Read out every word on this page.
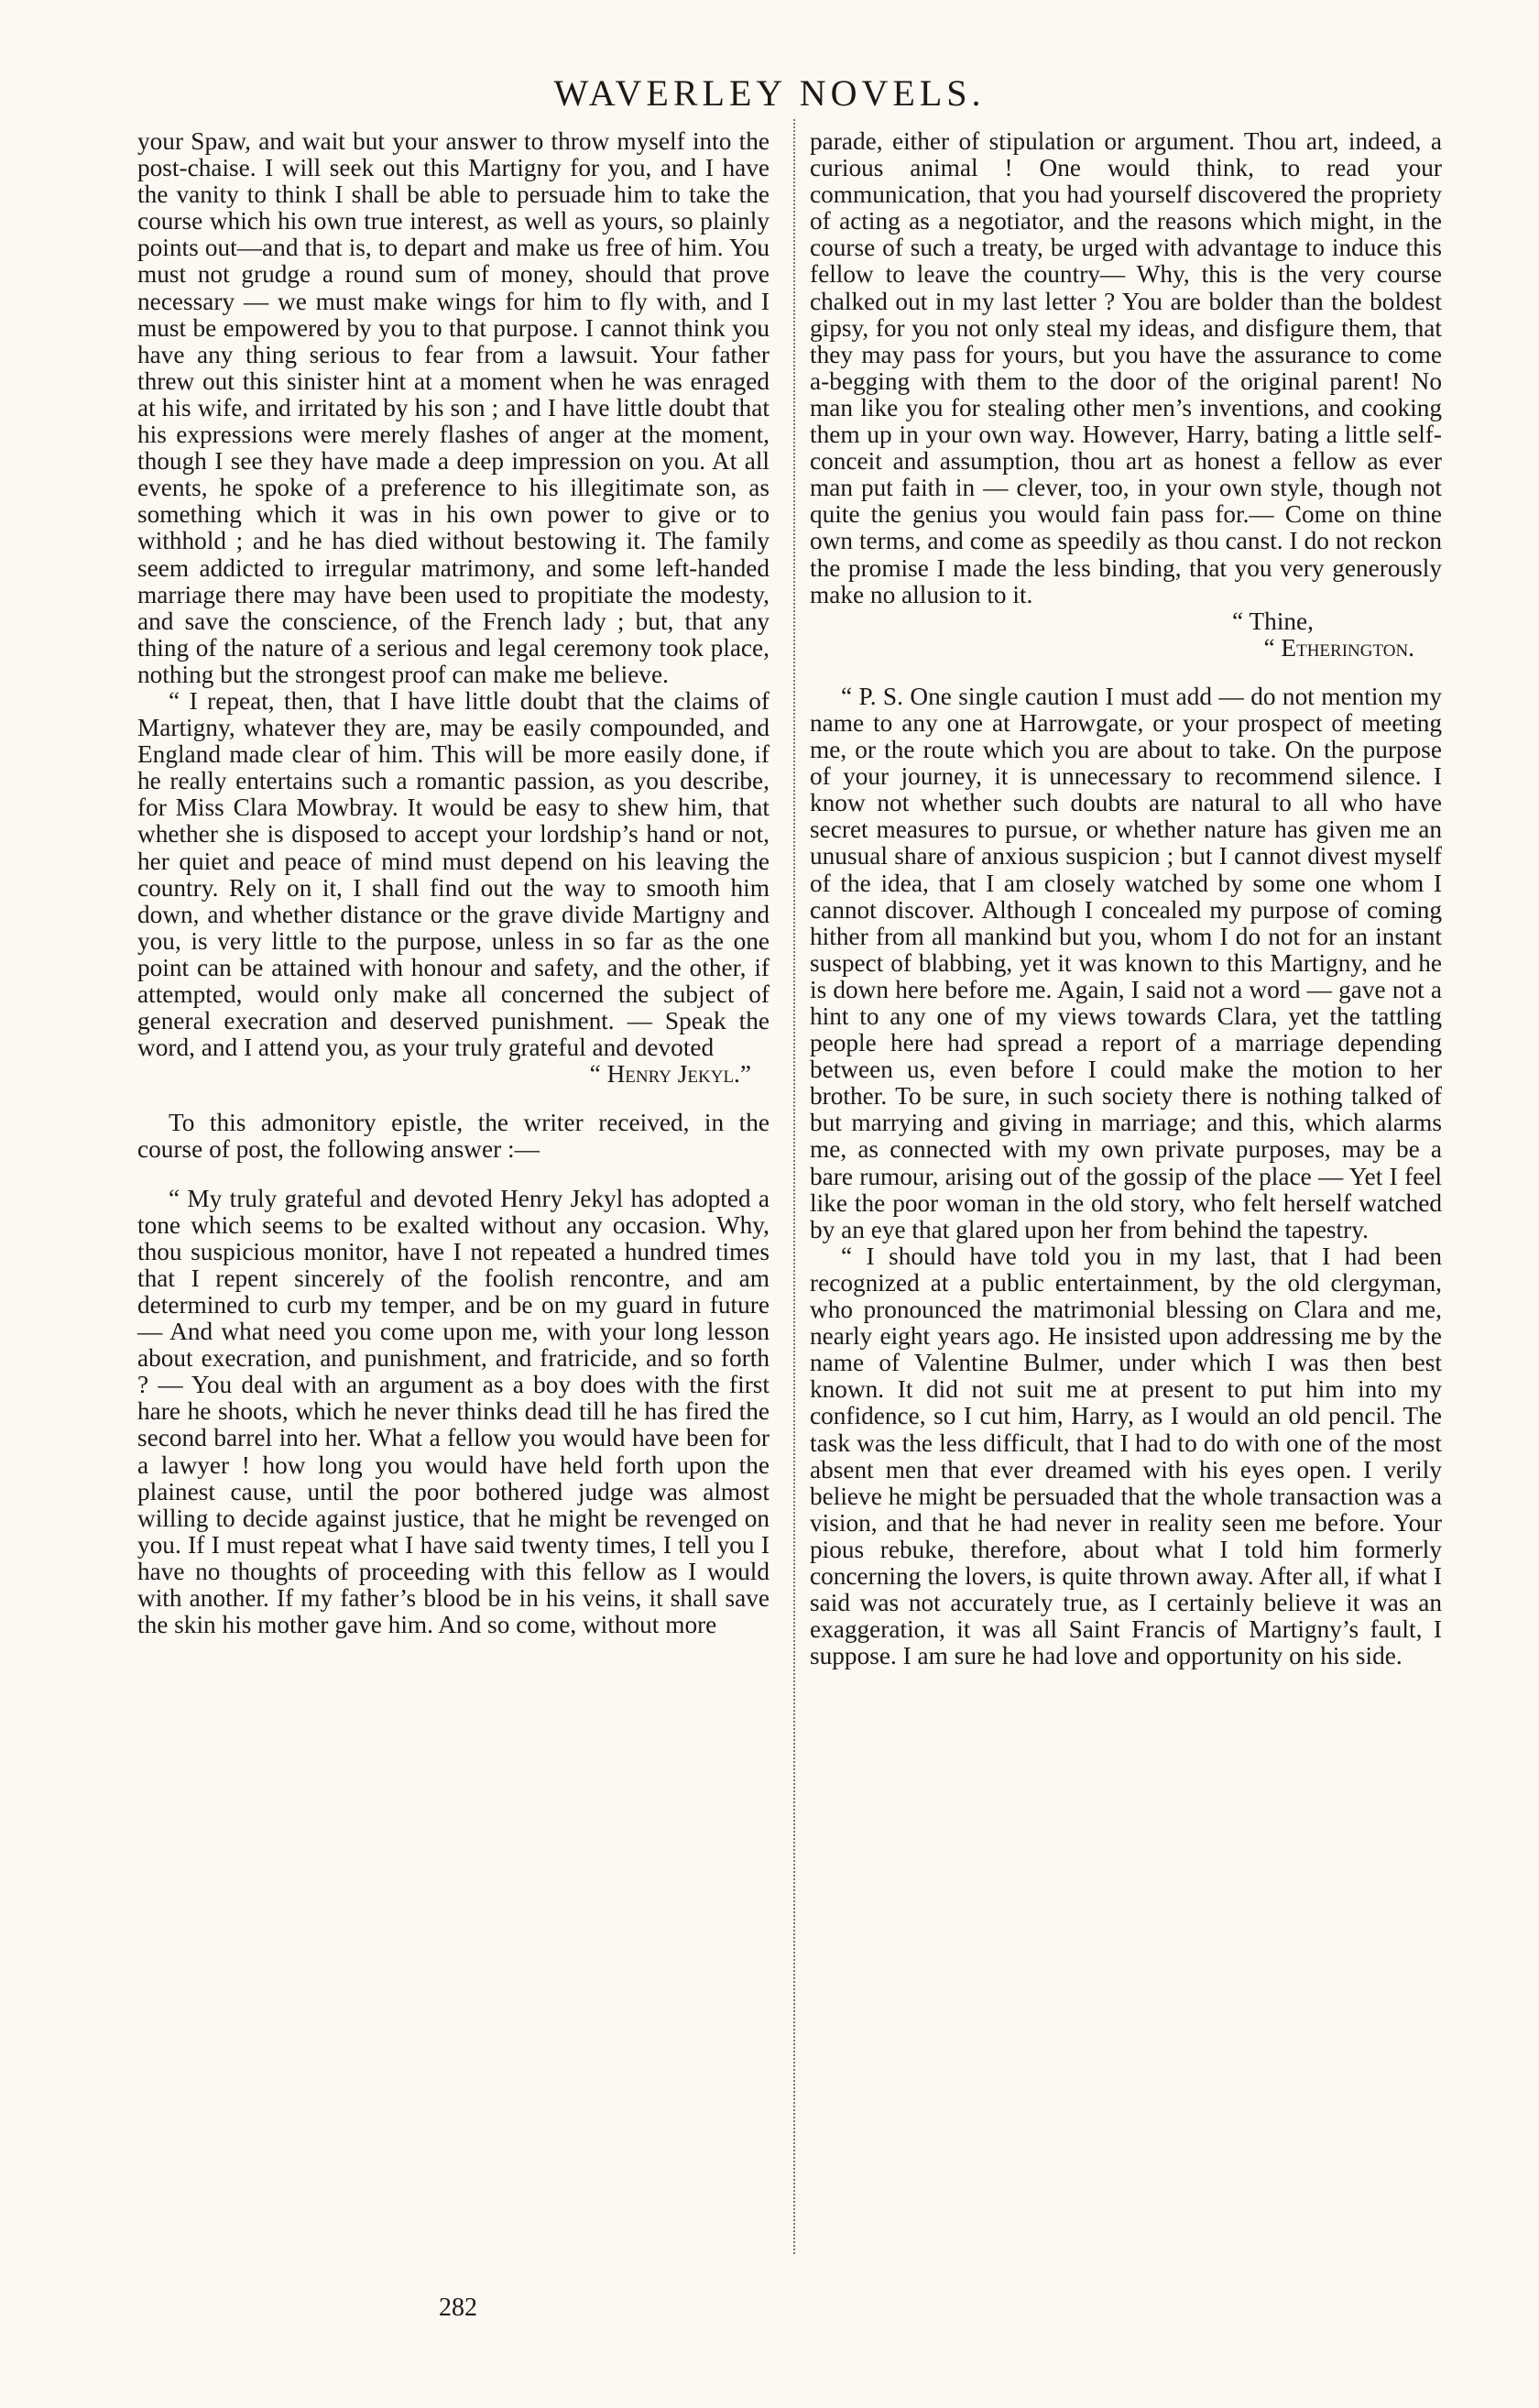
WAVERLEY NOVELS.

your Spaw, and wait but your answer to throw myself into the post-chaise. I will seek out this Martigny for you, and I have the vanity to think I shall be able to persuade him to take the course which his own true interest, as well as yours, so plainly points out—and that is, to depart and make us free of him. You must not grudge a round sum of money, should that prove necessary — we must make wings for him to fly with, and I must be empowered by you to that purpose. I cannot think you have any thing serious to fear from a lawsuit. Your father threw out this sinister hint at a moment when he was enraged at his wife, and irritated by his son ; and I have little doubt that his expressions were merely flashes of anger at the moment, though I see they have made a deep impression on you. At all events, he spoke of a preference to his illegitimate son, as something which it was in his own power to give or to withhold ; and he has died without bestowing it. The family seem addicted to irregular matrimony, and some left-handed marriage there may have been used to propitiate the modesty, and save the conscience, of the French lady ; but, that any thing of the nature of a serious and legal ceremony took place, nothing but the strongest proof can make me believe.

“ I repeat, then, that I have little doubt that the claims of Martigny, whatever they are, may be easily compounded, and England made clear of him. This will be more easily done, if he really entertains such a romantic passion, as you describe, for Miss Clara Mowbray. It would be easy to shew him, that whether she is disposed to accept your lordship’s hand or not, her quiet and peace of mind must depend on his leaving the country. Rely on it, I shall find out the way to smooth him down, and whether distance or the grave divide Martigny and you, is very little to the purpose, unless in so far as the one point can be attained with honour and safety, and the other, if attempted, would only make all concerned the subject of general execration and deserved punishment. — Speak the word, and I attend you, as your truly grateful and devoted

“ Henry Jekyl.”

To this admonitory epistle, the writer received, in the course of post, the following answer :—

“ My truly grateful and devoted Henry Jekyl has adopted a tone which seems to be exalted without any occasion. Why, thou suspicious monitor, have I not repeated a hundred times that I repent sincerely of the foolish rencontre, and am determined to curb my temper, and be on my guard in future — And what need you come upon me, with your long lesson about execration, and punishment, and fratricide, and so forth ? — You deal with an argument as a boy does with the first hare he shoots, which he never thinks dead till he has fired the second barrel into her. What a fellow you would have been for a lawyer ! how long you would have held forth upon the plainest cause, until the poor bothered judge was almost willing to decide against justice, that he might be revenged on you. If I must repeat what I have said twenty times, I tell you I have no thoughts of proceeding with this fellow as I would with another. If my father’s blood be in his veins, it shall save the skin his mother gave him. And so come, without more

parade, either of stipulation or argument. Thou art, indeed, a curious animal ! One would think, to read your communication, that you had yourself discovered the propriety of acting as a negotiator, and the reasons which might, in the course of such a treaty, be urged with advantage to induce this fellow to leave the country— Why, this is the very course chalked out in my last letter ? You are bolder than the boldest gipsy, for you not only steal my ideas, and disfigure them, that they may pass for yours, but you have the assurance to come a-begging with them to the door of the original parent! No man like you for stealing other men’s inventions, and cooking them up in your own way. However, Harry, bating a little self-conceit and assumption, thou art as honest a fellow as ever man put faith in — clever, too, in your own style, though not quite the genius you would fain pass for.— Come on thine own terms, and come as speedily as thou canst. I do not reckon the promise I made the less binding, that you very generously make no allusion to it.

“ Thine,

“ Etherington.

“ P. S. One single caution I must add — do not mention my name to any one at Harrowgate, or your prospect of meeting me, or the route which you are about to take. On the purpose of your journey, it is unnecessary to recommend silence. I know not whether such doubts are natural to all who have secret measures to pursue, or whether nature has given me an unusual share of anxious suspicion ; but I cannot divest myself of the idea, that I am closely watched by some one whom I cannot discover. Although I concealed my purpose of coming hither from all mankind but you, whom I do not for an instant suspect of blabbing, yet it was known to this Martigny, and he is down here before me. Again, I said not a word — gave not a hint to any one of my views towards Clara, yet the tattling people here had spread a report of a marriage depending between us, even before I could make the motion to her brother. To be sure, in such society there is nothing talked of but marrying and giving in marriage; and this, which alarms me, as connected with my own private purposes, may be a bare rumour, arising out of the gossip of the place — Yet I feel like the poor woman in the old story, who felt herself watched by an eye that glared upon her from behind the tapestry.

“ I should have told you in my last, that I had been recognized at a public entertainment, by the old clergyman, who pronounced the matrimonial blessing on Clara and me, nearly eight years ago. He insisted upon addressing me by the name of Valentine Bulmer, under which I was then best known. It did not suit me at present to put him into my confidence, so I cut him, Harry, as I would an old pencil. The task was the less difficult, that I had to do with one of the most absent men that ever dreamed with his eyes open. I verily believe he might be persuaded that the whole transaction was a vision, and that he had never in reality seen me before. Your pious rebuke, therefore, about what I told him formerly concerning the lovers, is quite thrown away. After all, if what I said was not accurately true, as I certainly believe it was an exaggeration, it was all Saint Francis of Martigny’s fault, I suppose. I am sure he had love and opportunity on his side.

282
